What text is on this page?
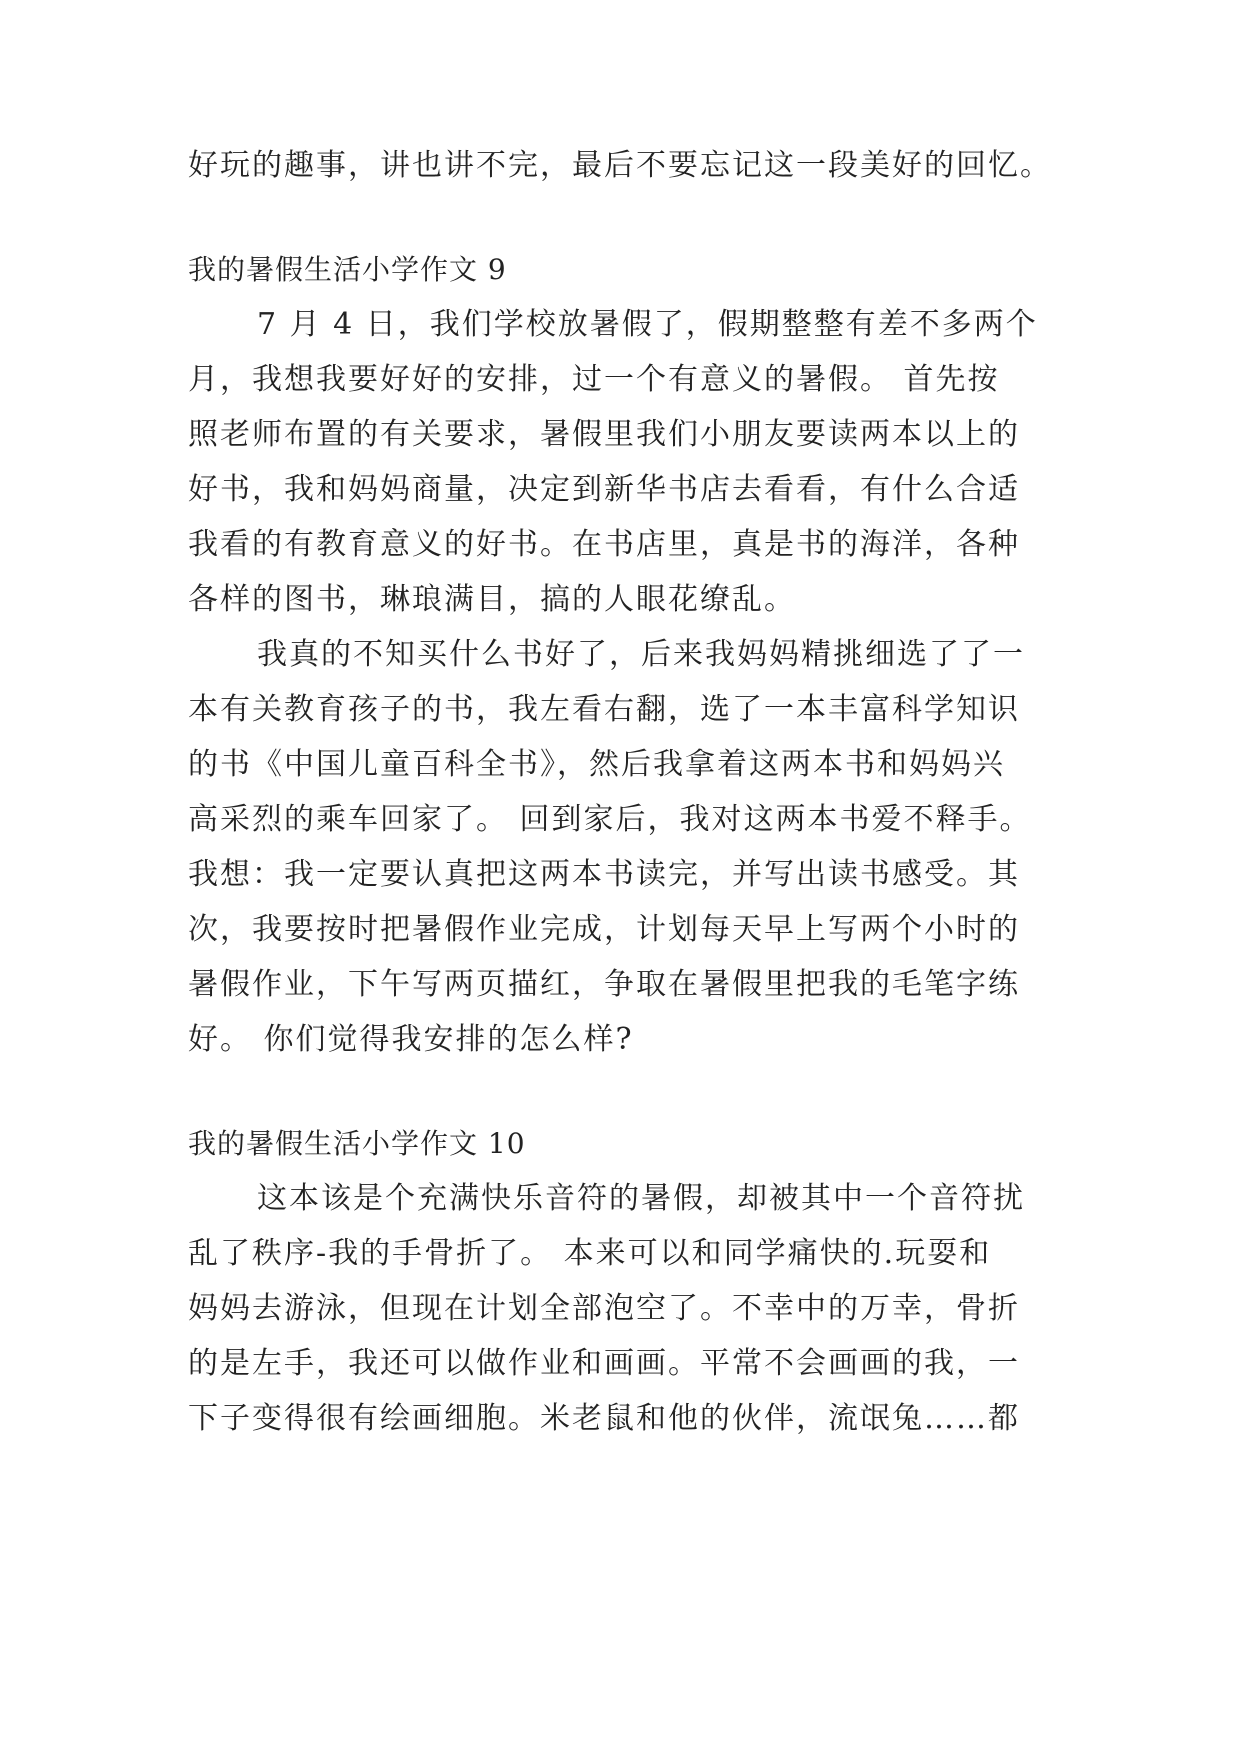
好玩的趣事，讲也讲不完，最后不要忘记这一段美好的回忆。
我的暑假生活小学作文 9
7 月 4 日，我们学校放暑假了，假期整整有差不多两个
月，我想我要好好的安排，过一个有意义的暑假。 首先按
照老师布置的有关要求，暑假里我们小朋友要读两本以上的
好书，我和妈妈商量，决定到新华书店去看看，有什么合适
我看的有教育意义的好书。在书店里，真是书的海洋，各种
各样的图书，琳琅满目，搞的人眼花缭乱。
我真的不知买什么书好了，后来我妈妈精挑细选了了一
本有关教育孩子的书，我左看右翻，选了一本丰富科学知识
的书《中国儿童百科全书》，然后我拿着这两本书和妈妈兴
高采烈的乘车回家了。 回到家后，我对这两本书爱不释手。
我想：我一定要认真把这两本书读完，并写出读书感受。其
次，我要按时把暑假作业完成，计划每天早上写两个小时的
暑假作业，下午写两页描红，争取在暑假里把我的毛笔字练
好。 你们觉得我安排的怎么样?
我的暑假生活小学作文 10
这本该是个充满快乐音符的暑假，却被其中一个音符扰
乱了秩序-我的手骨折了。 本来可以和同学痛快的.玩耍和
妈妈去游泳，但现在计划全部泡空了。不幸中的万幸，骨折
的是左手，我还可以做作业和画画。平常不会画画的我，一
下子变得很有绘画细胞。米老鼠和他的伙伴，流氓兔……都
